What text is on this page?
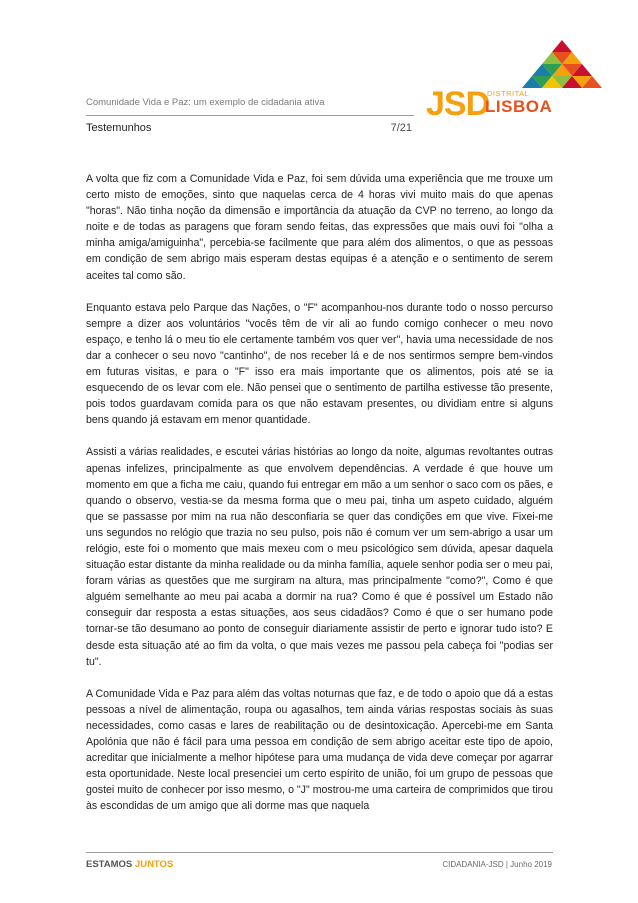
Comunidade Vida e Paz: um exemplo de cidadania ativa
Testemunhos	7/21
JSD
DISTRITAL
LISBOA

A volta que fiz com a Comunidade Vida e Paz, foi sem dúvida uma experiência que me trouxe um certo misto de emoções, sinto que naquelas cerca de 4 horas vivi muito mais do que apenas "horas". Não tinha noção da dimensão e importância da atuação da CVP no terreno, ao longo da noite e de todas as paragens que foram sendo feitas, das expressões que mais ouvi foi "olha a minha amiga/amiguinha", percebia-se facilmente que para além dos alimentos, o que as pessoas em condição de sem abrigo mais esperam destas equipas é a atenção e o sentimento de serem aceites tal como são.

Enquanto estava pelo Parque das Nações, o "F" acompanhou-nos durante todo o nosso percurso sempre a dizer aos voluntários "vocês têm de vir ali ao fundo comigo conhecer o meu novo espaço, e tenho lá o meu tio ele certamente também vos quer ver", havia uma necessidade de nos dar a conhecer o seu novo "cantinho", de nos receber lá e de nos sentirmos sempre bem-vindos em futuras visitas, e para o "F" isso era mais importante que os alimentos, pois até se ia esquecendo de os levar com ele. Não pensei que o sentimento de partilha estivesse tão presente, pois todos guardavam comida para os que não estavam presentes, ou dividiam entre si alguns bens quando já estavam em menor quantidade.

Assisti a várias realidades, e escutei várias histórias ao longo da noite, algumas revoltantes outras apenas infelizes, principalmente as que envolvem dependências. A verdade é que houve um momento em que a ficha me caiu, quando fui entregar em mão a um senhor o saco com os pães, e quando o observo, vestia-se da mesma forma que o meu pai, tinha um aspeto cuidado, alguém que se passasse por mim na rua não desconfiaria se quer das condições em que vive. Fixei-me uns segundos no relógio que trazia no seu pulso, pois não é comum ver um sem-abrigo a usar um relógio, este foi o momento que mais mexeu com o meu psicológico sem dúvida, apesar daquela situação estar distante da minha realidade ou da minha família, aquele senhor podia ser o meu pai, foram várias as questões que me surgiram na altura, mas principalmente "como?", Como é que alguém semelhante ao meu pai acaba a dormir na rua? Como é que é possível um Estado não conseguir dar resposta a estas situações, aos seus cidadãos? Como é que o ser humano pode tornar-se tão desumano ao ponto de conseguir diariamente assistir de perto e ignorar tudo isto? E desde esta situação até ao fim da volta, o que mais vezes me passou pela cabeça foi "podias ser tu".

A Comunidade Vida e Paz para além das voltas noturnas que faz, e de todo o apoio que dá a estas pessoas a nível de alimentação, roupa ou agasalhos, tem ainda várias respostas sociais às suas necessidades, como casas e lares de reabilitação ou de desintoxicação. Apercebi-me em Santa Apolónia que não é fácil para uma pessoa em condição de sem abrigo aceitar este tipo de apoio, acreditar que inicialmente a melhor hipótese para uma mudança de vida deve começar por agarrar esta oportunidade. Neste local presenciei um certo espírito de união, foi um grupo de pessoas que gostei muito de conhecer por isso mesmo, o "J" mostrou-me uma carteira de comprimidos que tirou às escondidas de um amigo que ali dorme mas que naquela

ESTAMOS JUNTOS	CIDADANIA-JSD | Junho 2019
